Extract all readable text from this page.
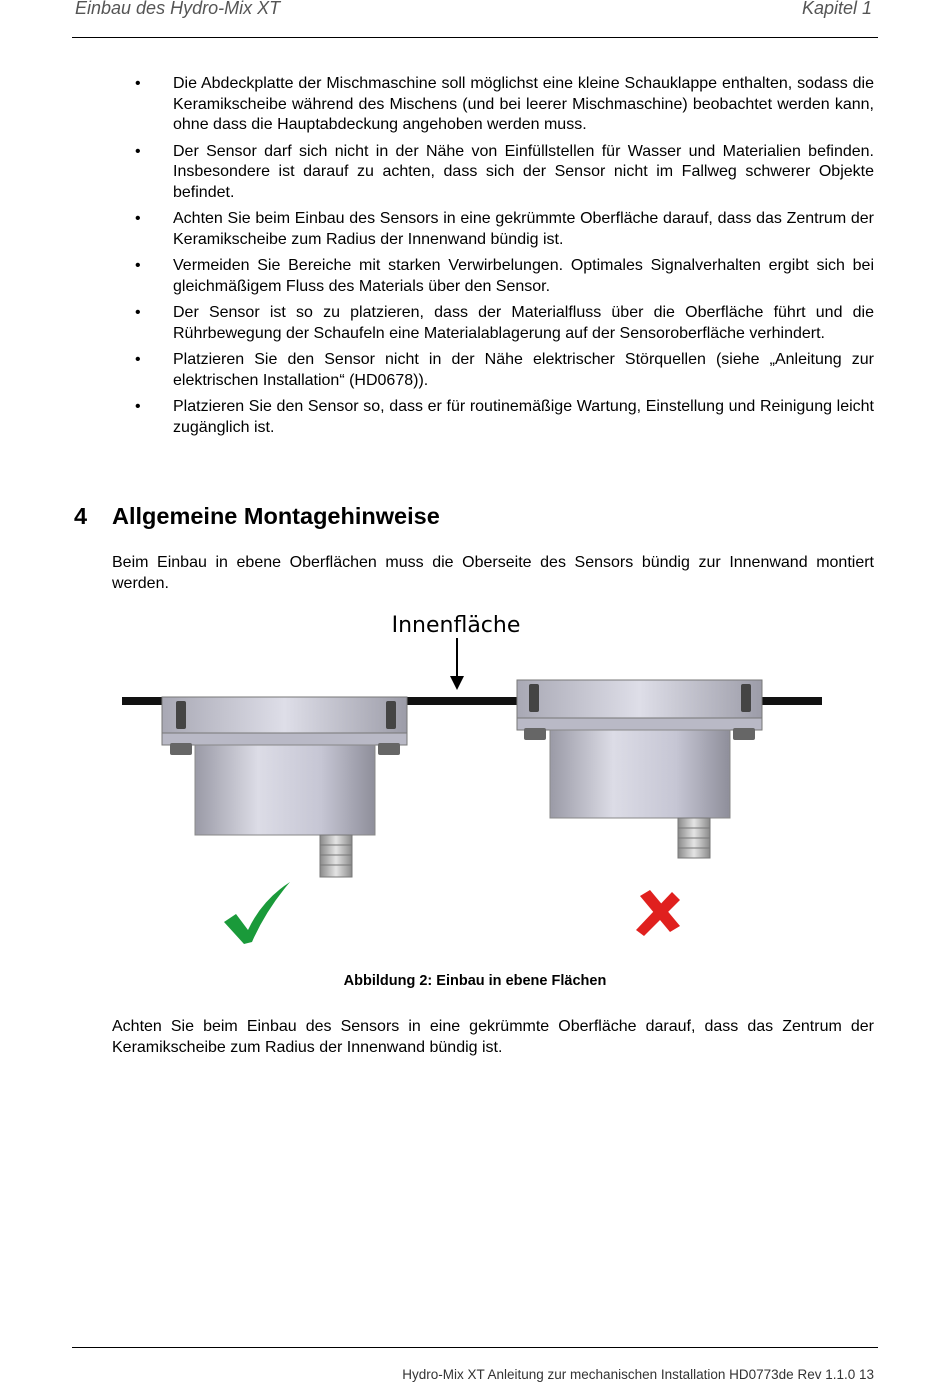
Einbau des Hydro-Mix XT	Kapitel 1
• Die Abdeckplatte der Mischmaschine soll möglichst eine kleine Schauklappe enthalten, sodass die Keramikscheibe während des Mischens (und bei leerer Mischmaschine) beobachtet werden kann, ohne dass die Hauptabdeckung angehoben werden muss.
• Der Sensor darf sich nicht in der Nähe von Einfüllstellen für Wasser und Materialien befinden. Insbesondere ist darauf zu achten, dass sich der Sensor nicht im Fallweg schwerer Objekte befindet.
• Achten Sie beim Einbau des Sensors in eine gekrümmte Oberfläche darauf, dass das Zentrum der Keramikscheibe zum Radius der Innenwand bündig ist.
• Vermeiden Sie Bereiche mit starken Verwirbelungen. Optimales Signalverhalten ergibt sich bei gleichmäßigem Fluss des Materials über den Sensor.
• Der Sensor ist so zu platzieren, dass der Materialfluss über die Oberfläche führt und die Rührbewegung der Schaufeln eine Materialablagerung auf der Sensoroberfläche verhindert.
• Platzieren Sie den Sensor nicht in der Nähe elektrischer Störquellen (siehe „Anleitung zur elektrischen Installation“ (HD0678)).
• Platzieren Sie den Sensor so, dass er für routinemäßige Wartung, Einstellung und Reinigung leicht zugänglich ist.
4 Allgemeine Montagehinweise

Beim Einbau in ebene Oberflächen muss die Oberseite des Sensors bündig zur Innenwand montiert werden.

Innenfläche

Abbildung 2: Einbau in ebene Flächen

Achten Sie beim Einbau des Sensors in eine gekrümmte Oberfläche darauf, dass das Zentrum der Keramikscheibe zum Radius der Innenwand bündig ist.

Hydro-Mix XT Anleitung zur mechanischen Installation HD0773de Rev 1.1.0 13
